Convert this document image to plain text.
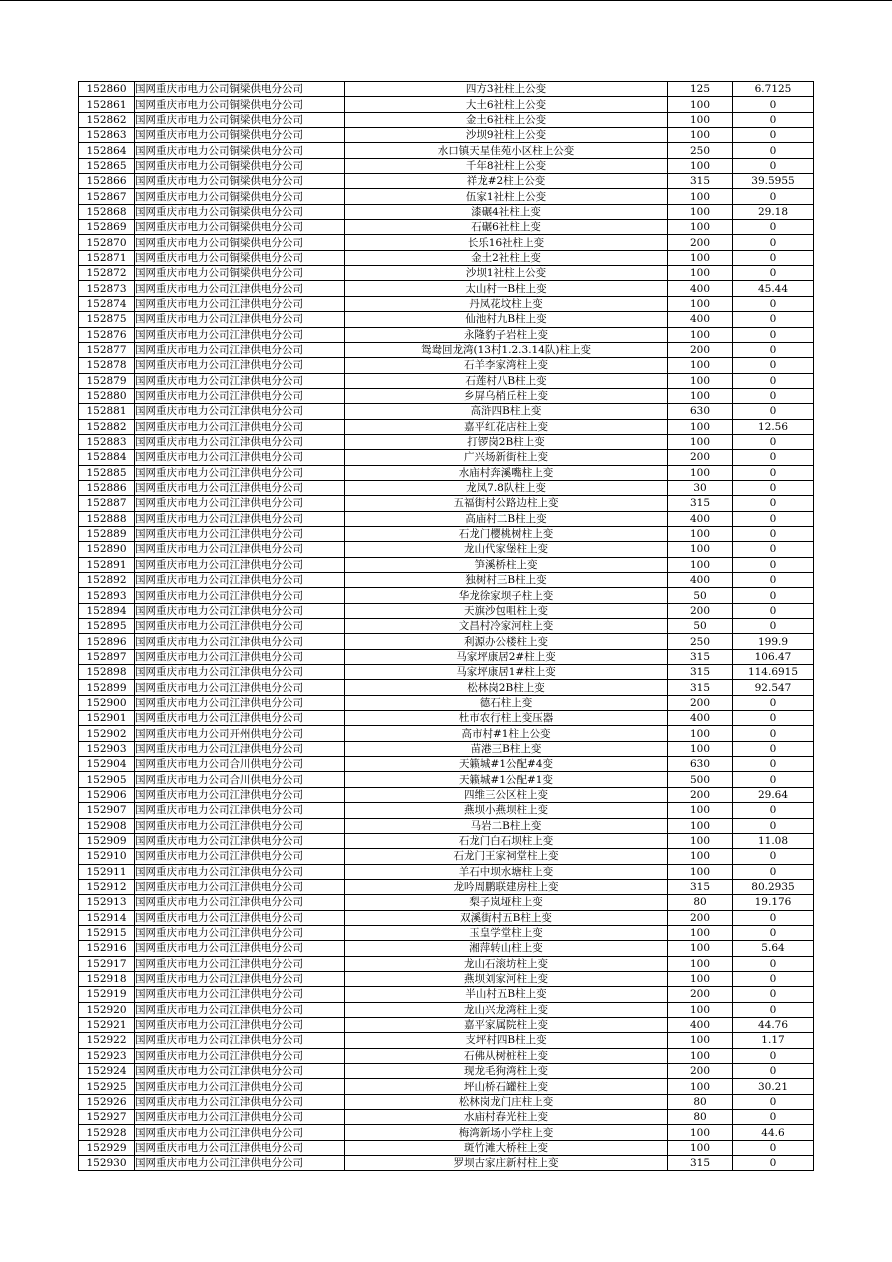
152860	国网重庆市电力公司铜梁供电分公司	四方3社柱上公变	125	6.7125
152861	国网重庆市电力公司铜梁供电分公司	大土6社柱上公变	100	0
152862	国网重庆市电力公司铜梁供电分公司	金土6社柱上公变	100	0
152863	国网重庆市电力公司铜梁供电分公司	沙坝9社柱上公变	100	0
152864	国网重庆市电力公司铜梁供电分公司	水口镇天星佳苑小区柱上公变	250	0
152865	国网重庆市电力公司铜梁供电分公司	千年8社柱上公变	100	0
152866	国网重庆市电力公司铜梁供电分公司	祥龙#2柱上公变	315	39.5955
152867	国网重庆市电力公司铜梁供电分公司	伍家1社柱上公变	100	0
152868	国网重庆市电力公司铜梁供电分公司	漆碾4社柱上变	100	29.18
152869	国网重庆市电力公司铜梁供电分公司	石碾6社柱上变	100	0
152870	国网重庆市电力公司铜梁供电分公司	长乐16社柱上变	200	0
152871	国网重庆市电力公司铜梁供电分公司	金土2社柱上变	100	0
152872	国网重庆市电力公司铜梁供电分公司	沙坝1社柱上公变	100	0
152873	国网重庆市电力公司江津供电分公司	太山村一B柱上变	400	45.44
152874	国网重庆市电力公司江津供电分公司	丹凤花坟柱上变	100	0
152875	国网重庆市电力公司江津供电分公司	仙池村九B柱上变	400	0
152876	国网重庆市电力公司江津供电分公司	永隆豹子岩柱上变	100	0
152877	国网重庆市电力公司江津供电分公司	鸳鸯回龙湾(13村1.2.3.14队)柱上变	200	0
152878	国网重庆市电力公司江津供电分公司	石羊李家湾柱上变	100	0
152879	国网重庆市电力公司江津供电分公司	石莲村八B柱上变	100	0
152880	国网重庆市电力公司江津供电分公司	乡屏乌梢丘柱上变	100	0
152881	国网重庆市电力公司江津供电分公司	高浒四B柱上变	630	0
152882	国网重庆市电力公司江津供电分公司	嘉平红花店柱上变	100	12.56
152883	国网重庆市电力公司江津供电分公司	打锣岗2B柱上变	100	0
152884	国网重庆市电力公司江津供电分公司	广兴场新街柱上变	200	0
152885	国网重庆市电力公司江津供电分公司	水庙村奔溪嘴柱上变	100	0
152886	国网重庆市电力公司江津供电分公司	龙凤7.8队柱上变	30	0
152887	国网重庆市电力公司江津供电分公司	五福街村公路边柱上变	315	0
152888	国网重庆市电力公司江津供电分公司	高庙村二B柱上变	400	0
152889	国网重庆市电力公司江津供电分公司	石龙门樱桃树柱上变	100	0
152890	国网重庆市电力公司江津供电分公司	龙山代家堡柱上变	100	0
152891	国网重庆市电力公司江津供电分公司	笋溪桥柱上变	100	0
152892	国网重庆市电力公司江津供电分公司	独树村三B柱上变	400	0
152893	国网重庆市电力公司江津供电分公司	华龙徐家坝子柱上变	50	0
152894	国网重庆市电力公司江津供电分公司	天旗沙包咀柱上变	200	0
152895	国网重庆市电力公司江津供电分公司	文昌村冷家河柱上变	50	0
152896	国网重庆市电力公司江津供电分公司	利源办公楼柱上变	250	199.9
152897	国网重庆市电力公司江津供电分公司	马家坪康居2#柱上变	315	106.47
152898	国网重庆市电力公司江津供电分公司	马家坪康居1#柱上变	315	114.6915
152899	国网重庆市电力公司江津供电分公司	松林岗2B柱上变	315	92.547
152900	国网重庆市电力公司江津供电分公司	德石柱上变	200	0
152901	国网重庆市电力公司江津供电分公司	杜市农行柱上变压器	400	0
152902	国网重庆市电力公司开州供电分公司	高市村#1柱上公变	100	0
152903	国网重庆市电力公司江津供电分公司	苗港三B柱上变	100	0
152904	国网重庆市电力公司合川供电分公司	天籁城#1公配#4变	630	0
152905	国网重庆市电力公司合川供电分公司	天籁城#1公配#1变	500	0
152906	国网重庆市电力公司江津供电分公司	四维三公区柱上变	200	29.64
152907	国网重庆市电力公司江津供电分公司	燕坝小燕坝柱上变	100	0
152908	国网重庆市电力公司江津供电分公司	马岩二B柱上变	100	0
152909	国网重庆市电力公司江津供电分公司	石龙门白石坝柱上变	100	11.08
152910	国网重庆市电力公司江津供电分公司	石龙门王家祠堂柱上变	100	0
152911	国网重庆市电力公司江津供电分公司	羊石中坝水塘柱上变	100	0
152912	国网重庆市电力公司江津供电分公司	龙吟周鹏联建房柱上变	315	80.2935
152913	国网重庆市电力公司江津供电分公司	梨子岚垭柱上变	80	19.176
152914	国网重庆市电力公司江津供电分公司	双溪街村五B柱上变	200	0
152915	国网重庆市电力公司江津供电分公司	玉皇学堂柱上变	100	0
152916	国网重庆市电力公司江津供电分公司	湘萍转山柱上变	100	5.64
152917	国网重庆市电力公司江津供电分公司	龙山石滚坊柱上变	100	0
152918	国网重庆市电力公司江津供电分公司	燕坝刘家河柱上变	100	0
152919	国网重庆市电力公司江津供电分公司	半山村五B柱上变	200	0
152920	国网重庆市电力公司江津供电分公司	龙山兴龙湾柱上变	100	0
152921	国网重庆市电力公司江津供电分公司	嘉平家属院柱上变	400	44.76
152922	国网重庆市电力公司江津供电分公司	支坪村四B柱上变	100	1.17
152923	国网重庆市电力公司江津供电分公司	石佛从树桩柱上变	100	0
152924	国网重庆市电力公司江津供电分公司	现龙毛狗湾柱上变	200	0
152925	国网重庆市电力公司江津供电分公司	坪山桥石罐柱上变	100	30.21
152926	国网重庆市电力公司江津供电分公司	松林岗龙门庄柱上变	80	0
152927	国网重庆市电力公司江津供电分公司	水庙村春光柱上变	80	0
152928	国网重庆市电力公司江津供电分公司	梅湾新场小学柱上变	100	44.6
152929	国网重庆市电力公司江津供电分公司	斑竹滩大桥柱上变	100	0
152930	国网重庆市电力公司江津供电分公司	罗坝古家庄新村柱上变	315	0
